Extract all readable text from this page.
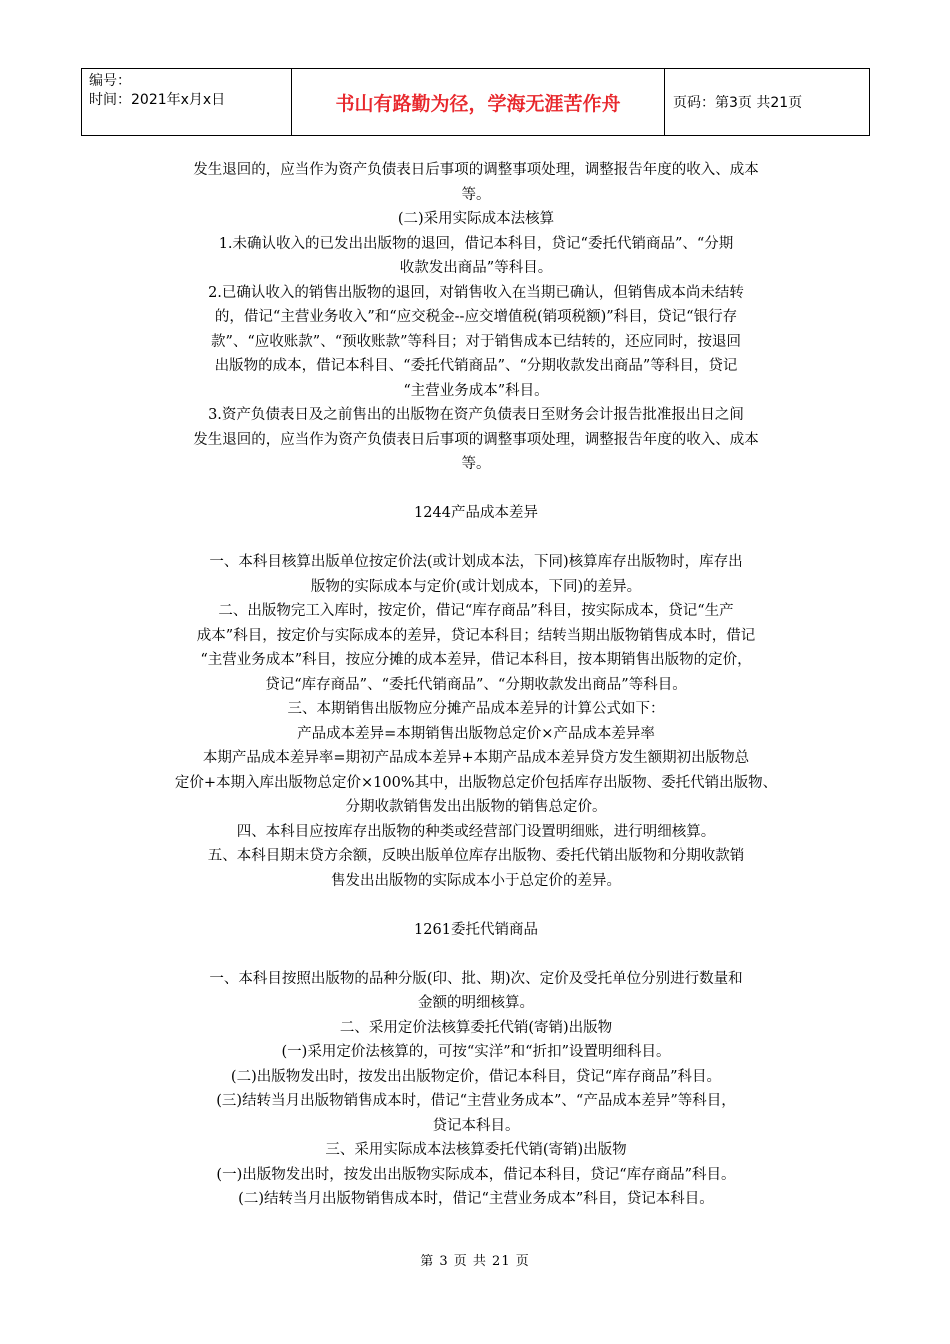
编号：
时间：2021年x月x日	书山有路勤为径，学海无涯苦作舟	页码：第3页 共21页
发生退回的，应当作为资产负债表日后事项的调整事项处理，调整报告年度的收入、成本
等。
(二)采用实际成本法核算
1.未确认收入的已发出出版物的退回，借记本科目，贷记“委托代销商品”、“分期
收款发出商品”等科目。
2.已确认收入的销售出版物的退回，对销售收入在当期已确认，但销售成本尚未结转
的，借记“主营业务收入”和“应交税金--应交增值税(销项税额)”科目，贷记“银行存
款”、“应收账款”、“预收账款”等科目；对于销售成本已结转的，还应同时，按退回
出版物的成本，借记本科目、“委托代销商品”、“分期收款发出商品”等科目，贷记
“主营业务成本”科目。
3.资产负债表日及之前售出的出版物在资产负债表日至财务会计报告批准报出日之间
发生退回的，应当作为资产负债表日后事项的调整事项处理，调整报告年度的收入、成本
等。
1244产品成本差异
一、本科目核算出版单位按定价法(或计划成本法，下同)核算库存出版物时，库存出
版物的实际成本与定价(或计划成本，下同)的差异。
二、出版物完工入库时，按定价，借记“库存商品”科目，按实际成本，贷记“生产
成本”科目，按定价与实际成本的差异，贷记本科目；结转当期出版物销售成本时，借记
“主营业务成本”科目，按应分摊的成本差异，借记本科目，按本期销售出版物的定价，
贷记“库存商品”、“委托代销商品”、“分期收款发出商品”等科目。
三、本期销售出版物应分摊产品成本差异的计算公式如下：
产品成本差异=本期销售出版物总定价×产品成本差异率
本期产品成本差异率=期初产品成本差异+本期产品成本差异贷方发生额期初出版物总
定价+本期入库出版物总定价×100%其中，出版物总定价包括库存出版物、委托代销出版物、
分期收款销售发出出版物的销售总定价。
四、本科目应按库存出版物的种类或经营部门设置明细账，进行明细核算。
五、本科目期末贷方余额，反映出版单位库存出版物、委托代销出版物和分期收款销
售发出出版物的实际成本小于总定价的差异。
1261委托代销商品
一、本科目按照出版物的品种分版(印、批、期)次、定价及受托单位分别进行数量和
金额的明细核算。
二、采用定价法核算委托代销(寄销)出版物
(一)采用定价法核算的，可按“实洋”和“折扣”设置明细科目。
(二)出版物发出时，按发出出版物定价，借记本科目，贷记“库存商品”科目。
(三)结转当月出版物销售成本时，借记“主营业务成本”、“产品成本差异”等科目，
贷记本科目。
三、采用实际成本法核算委托代销(寄销)出版物
(一)出版物发出时，按发出出版物实际成本，借记本科目，贷记“库存商品”科目。
(二)结转当月出版物销售成本时，借记“主营业务成本”科目，贷记本科目。
第 3 页 共 21 页
